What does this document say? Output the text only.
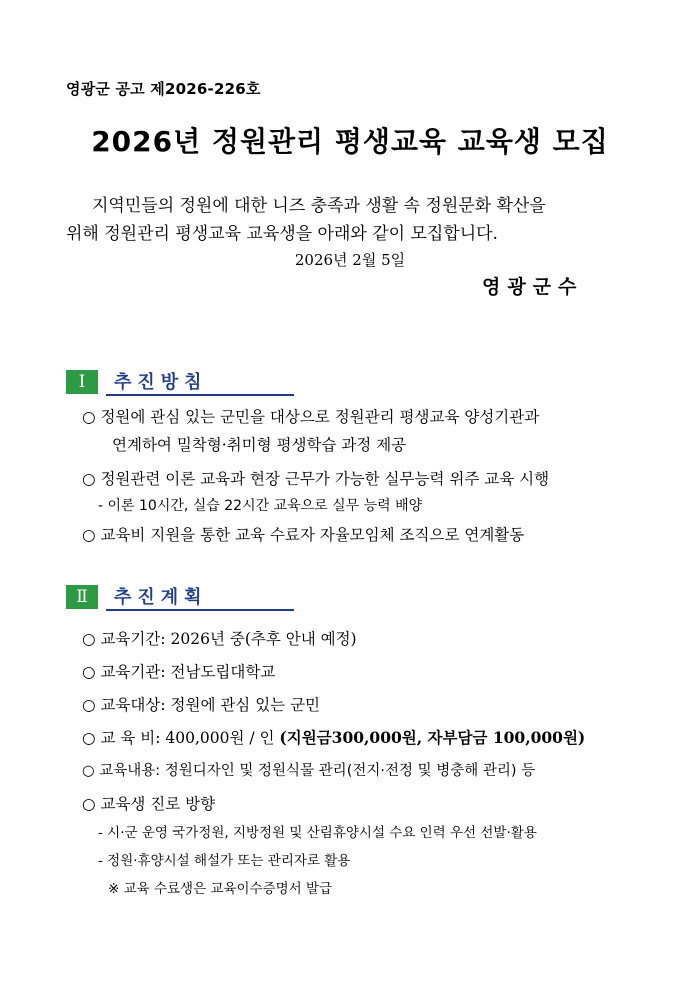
영광군 공고 제2026-226호
2026년 정원관리 평생교육 교육생 모집
지역민들의 정원에 대한 니즈 충족과 생활 속 정원문화 확산을
위해 정원관리 평생교육 교육생을 아래와 같이 모집합니다.
2026년 2월 5일
영광군수
Ⅰ	추진방침
○ 정원에 관심 있는 군민을 대상으로 정원관리 평생교육 양성기관과
연계하여 밀착형·취미형 평생학습 과정 제공
○ 정원관련 이론 교육과 현장 근무가 가능한 실무능력 위주 교육 시행
- 이론 10시간, 실습 22시간 교육으로 실무 능력 배양
○ 교육비 지원을 통한 교육 수료자 자율모임체 조직으로 연계활동
Ⅱ	추진계획
○ 교육기간: 2026년 중(추후 안내 예정)
○ 교육기관: 전남도립대학교
○ 교육대상: 정원에 관심 있는 군민
○ 교 육 비: 400,000원 / 인 (지원금300,000원, 자부담금 100,000원)
○ 교육내용: 정원디자인 및 정원식물 관리(전지·전정 및 병충해 관리) 등
○ 교육생 진로 방향
- 시·군 운영 국가정원, 지방정원 및 산림휴양시설 수요 인력 우선 선발·활용
- 정원·휴양시설 해설가 또는 관리자로 활용
※ 교육 수료생은 교육이수증명서 발급
